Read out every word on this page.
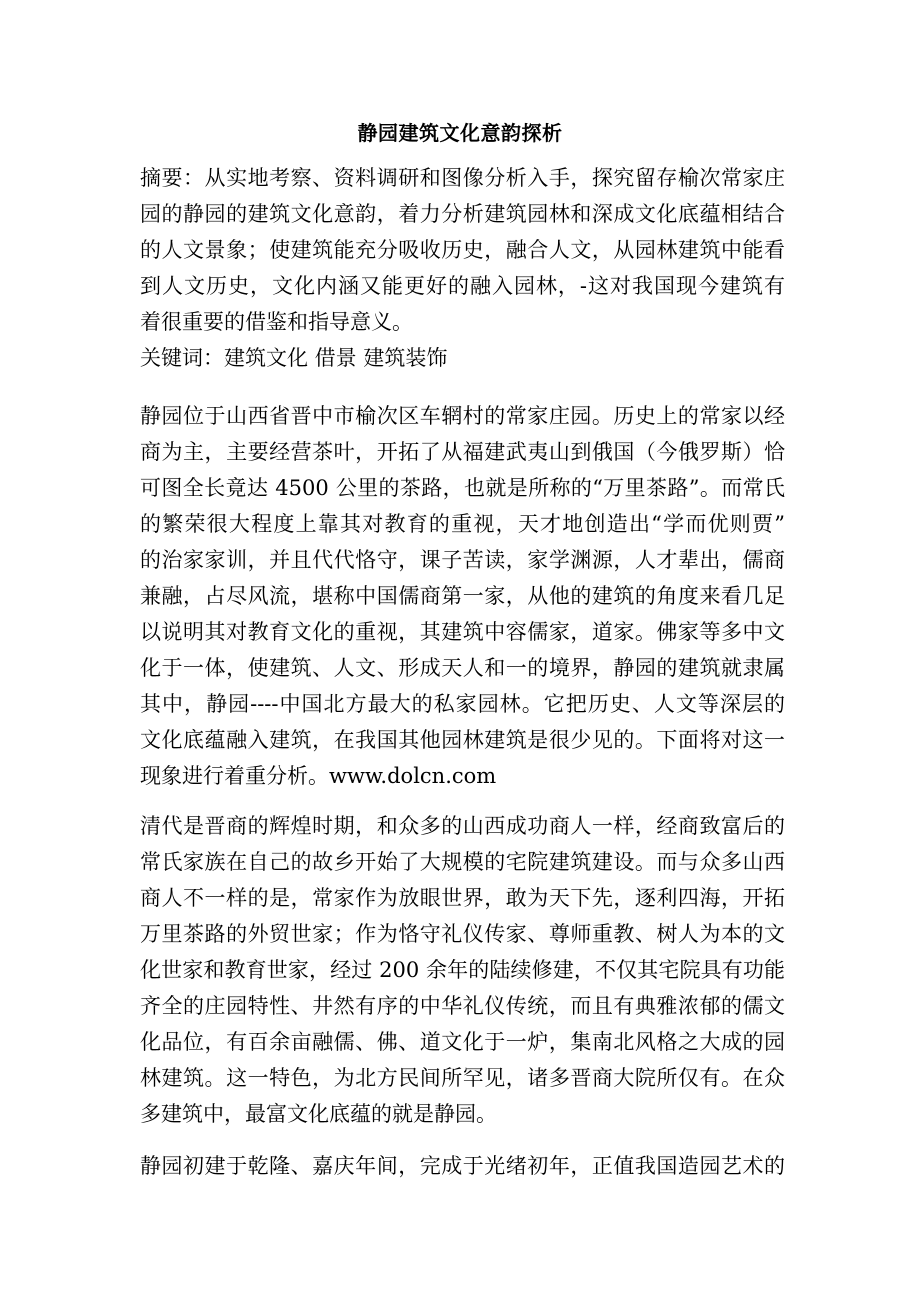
静园建筑文化意韵探析
摘要：从实地考察、资料调研和图像分析入手，探究留存榆次常家庄
园的静园的建筑文化意韵，着力分析建筑园林和深成文化底蕴相结合
的人文景象；使建筑能充分吸收历史，融合人文，从园林建筑中能看
到人文历史，文化内涵又能更好的融入园林，-这对我国现今建筑有
着很重要的借鉴和指导意义。
关键词：建筑文化 借景 建筑装饰
静园位于山西省晋中市榆次区车辋村的常家庄园。历史上的常家以经
商为主，主要经营茶叶，开拓了从福建武夷山到俄国（今俄罗斯）恰
可图全长竟达 4500 公里的茶路，也就是所称的“万里茶路”。而常氏
的繁荣很大程度上靠其对教育的重视，天才地创造出“学而优则贾”
的治家家训，并且代代恪守，课子苦读，家学渊源，人才辈出，儒商
兼融，占尽风流，堪称中国儒商第一家，从他的建筑的角度来看几足
以说明其对教育文化的重视，其建筑中容儒家，道家。佛家等多中文
化于一体，使建筑、人文、形成天人和一的境界，静园的建筑就隶属
其中，静园----中国北方最大的私家园林。它把历史、人文等深层的
文化底蕴融入建筑，在我国其他园林建筑是很少见的。下面将对这一
现象进行着重分析。www.dolcn.com
清代是晋商的辉煌时期，和众多的山西成功商人一样，经商致富后的
常氏家族在自己的故乡开始了大规模的宅院建筑建设。而与众多山西
商人不一样的是，常家作为放眼世界，敢为天下先，逐利四海，开拓
万里茶路的外贸世家；作为恪守礼仪传家、尊师重教、树人为本的文
化世家和教育世家，经过 200 余年的陆续修建，不仅其宅院具有功能
齐全的庄园特性、井然有序的中华礼仪传统，而且有典雅浓郁的儒文
化品位，有百余亩融儒、佛、道文化于一炉，集南北风格之大成的园
林建筑。这一特色，为北方民间所罕见，诸多晋商大院所仅有。在众
多建筑中，最富文化底蕴的就是静园。
静园初建于乾隆、嘉庆年间，完成于光绪初年，正值我国造园艺术的
